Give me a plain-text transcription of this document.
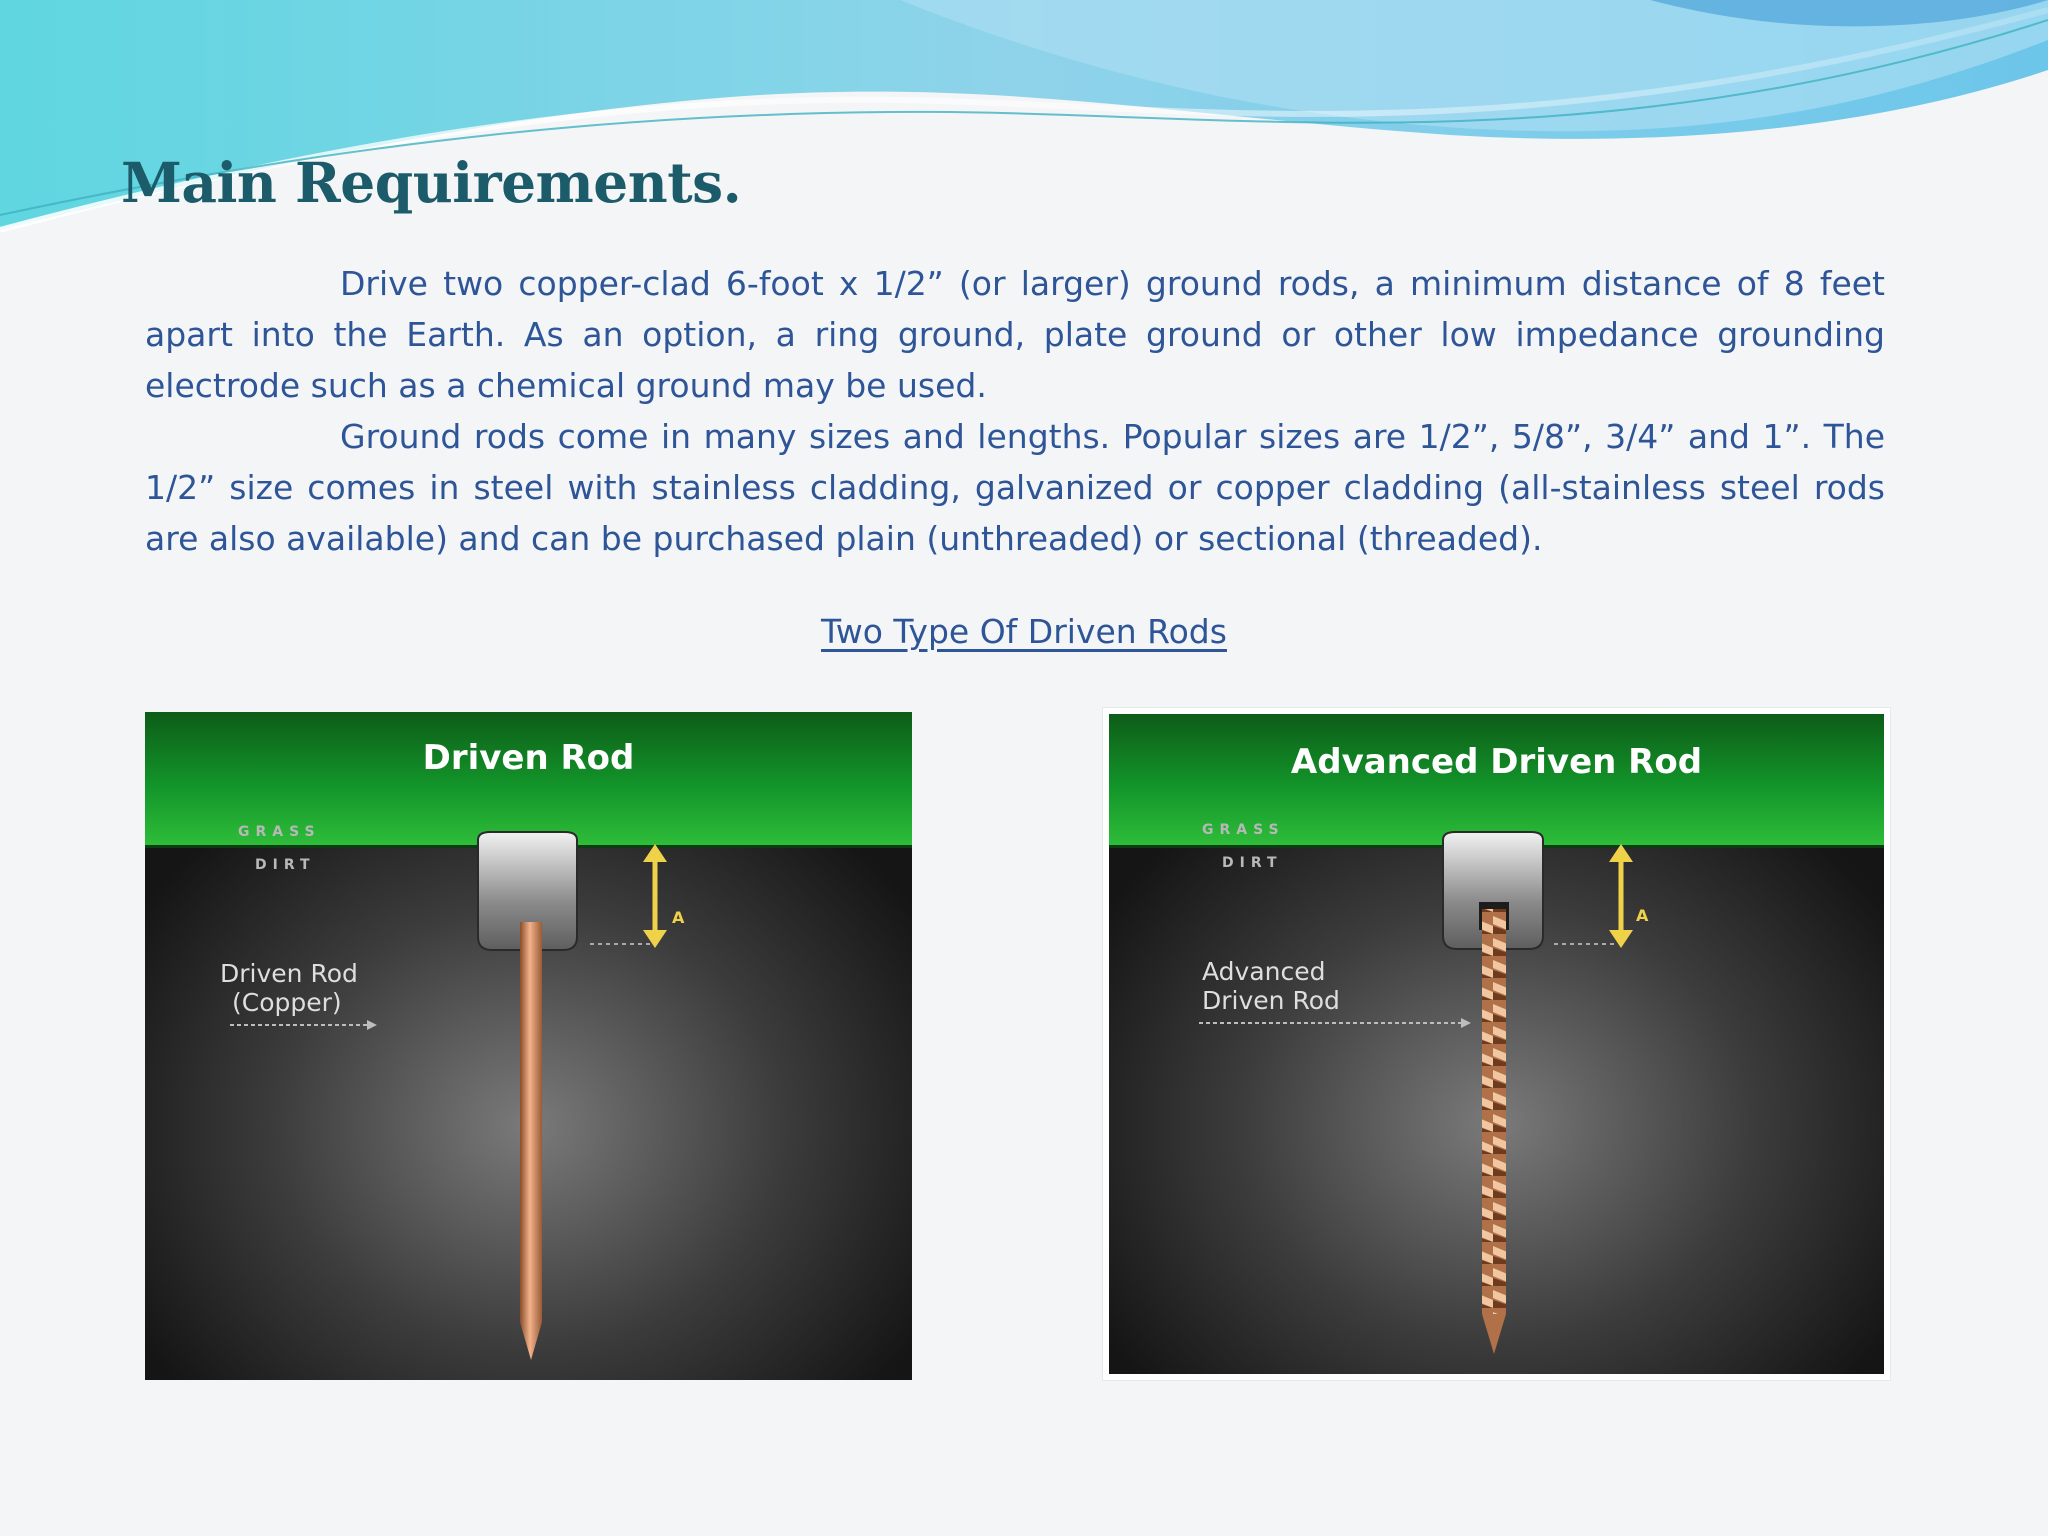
Main Requirements.

Drive two copper-clad 6-foot x 1/2” (or larger) ground rods, a minimum distance of 8 feet apart into the Earth. As an option, a ring ground, plate ground or other low impedance grounding electrode such as a chemical ground may be used.

Ground rods come in many sizes and lengths. Popular sizes are 1/2”, 5/8”, 3/4” and 1”. The 1/2” size comes in steel with stainless cladding, galvanized or copper cladding (all-stainless steel rods are also available) and can be purchased plain (unthreaded) or sectional (threaded).

Two Type Of Driven Rods
Driven Rod
GRASS
DIRT
Driven Rod
(Copper)
A
Advanced Driven Rod
GRASS
DIRT
Advanced
Driven Rod
A
